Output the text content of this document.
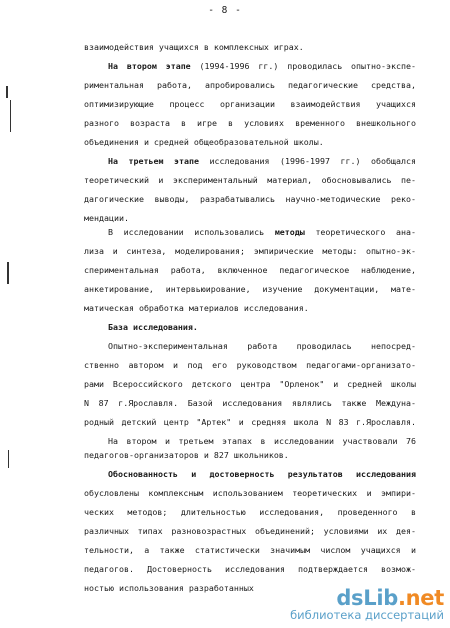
- 8 -
взаимодействия учащихся в комплексных играх.
На втором этапе (1994-1996 гг.) проводилась опытно-экспе-
риментальная работа, апробировались педагогические средства,
оптимизирующие процесс организации взаимодействия учащихся
разного возраста в игре в условиях временного внешкольного
объединения и средней общеобразовательной школы.
На третьем этапе исследования (1996-1997 гг.) обобщался
теоретический и экспериментальный материал, обосновывались пе-
дагогические выводы, разрабатывались научно-методические реко-
мендации.
В исследовании использовались методы теоретического ана-
лиза и синтеза, моделирования; эмпирические методы: опытно-эк-
спериментальная работа, включенное педагогическое наблюдение,
анкетирование, интервьюирование, изучение документации, мате-
матическая обработка материалов исследования.
База исследования.
Опытно-экспериментальная работа проводилась непосред-
ственно автором и под его руководством педагогами-организато-
рами Всероссийского детского центра "Орленок" и средней школы
N 87 г.Ярославля. Базой исследования являлись также Междуна-
родный детский центр "Артек" и средняя школа N 83 г.Ярославля.
На втором и третьем этапах в исследовании участвовали 76
педагогов-организаторов и 827 школьников.
Обоснованность и достоверность результатов исследования
обусловлены комплексным использованием теоретических и эмпири-
ческих методов; длительностью исследования, проведенного в
различных типах разновозрастных объединений; условиями их дея-
тельности, а также статистически значимым числом учащихся и
педагогов. Достоверность исследования подтверждается возмож-
ностью использования разработанных	dsLib.net
библиотека диссертаций
